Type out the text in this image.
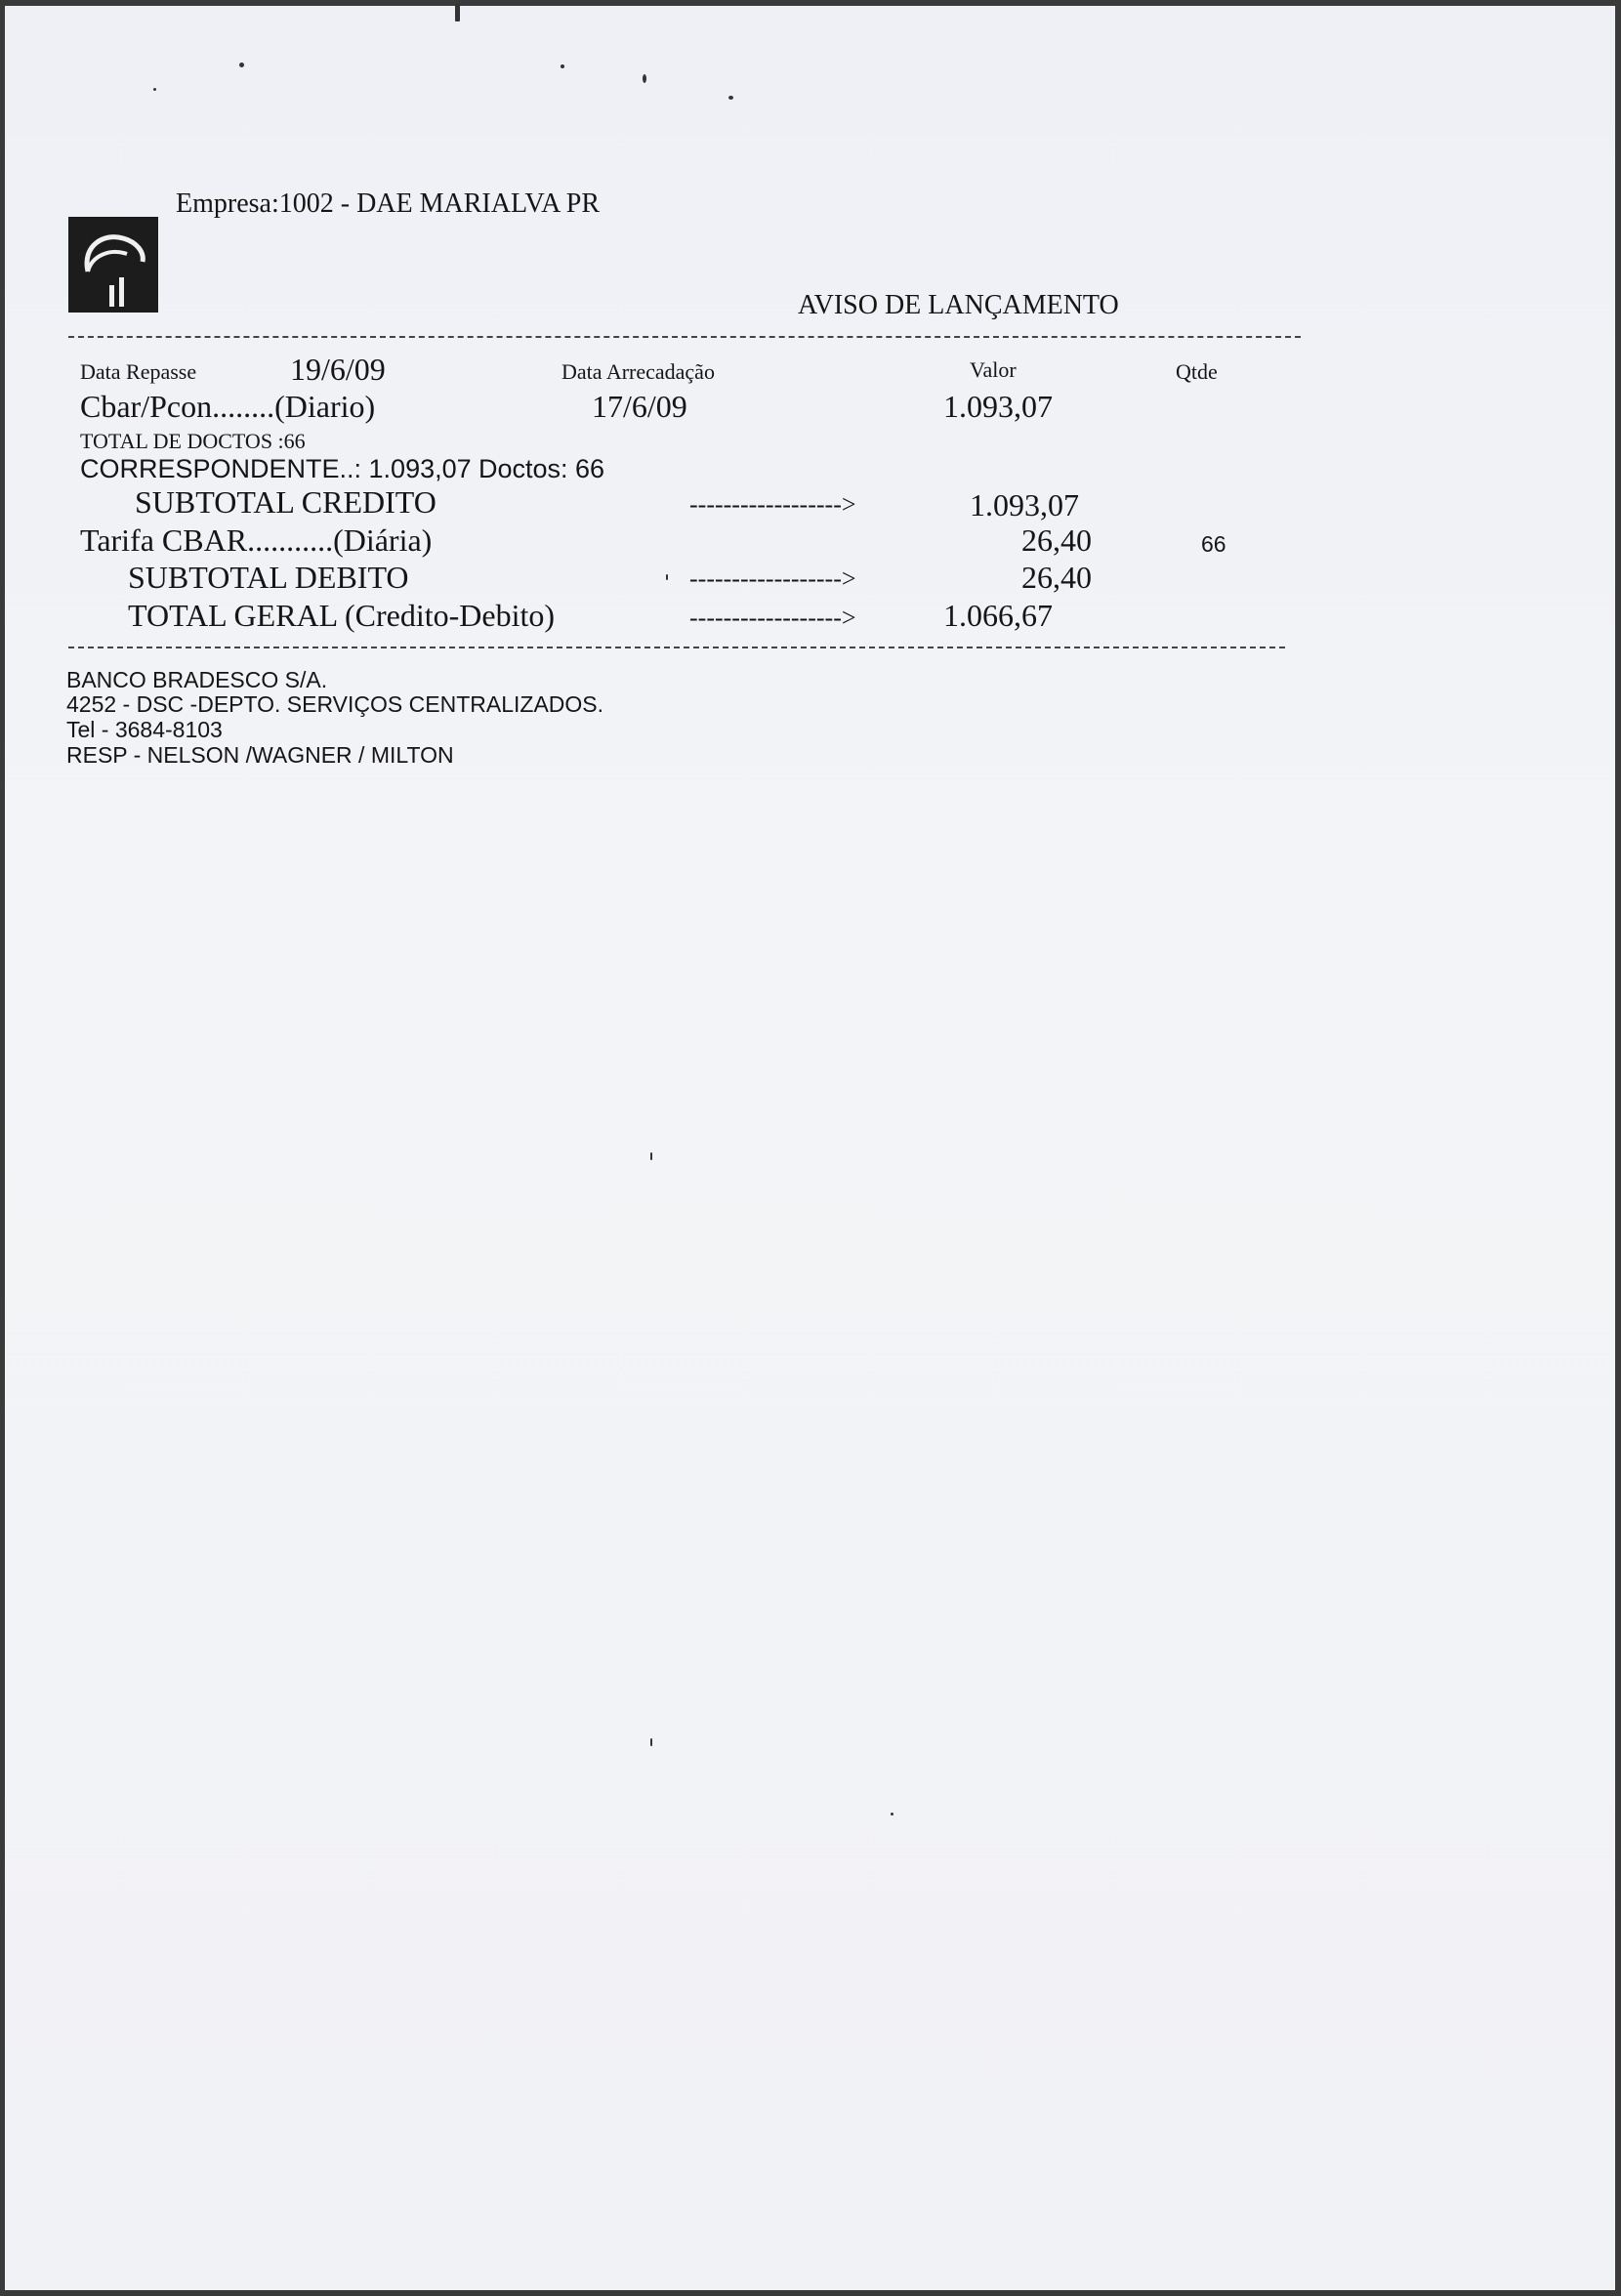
Empresa:1002 - DAE MARIALVA PR
AVISO DE LANÇAMENTO
Data Repasse	19/6/09	Data Arrecadação	Valor	Qtde
Cbar/Pcon........(Diario)	17/6/09	1.093,07
TOTAL DE DOCTOS :66
CORRESPONDENTE..: 1.093,07 Doctos: 66
SUBTOTAL CREDITO	------------------>	1.093,07
Tarifa CBAR...........(Diária)	26,40	66
SUBTOTAL DEBITO	------------------>	26,40
TOTAL GERAL (Credito-Debito)	------------------>	1.066,67
BANCO BRADESCO S/A.
4252 - DSC -DEPTO. SERVIÇOS CENTRALIZADOS.
Tel - 3684-8103
RESP - NELSON /WAGNER / MILTON
